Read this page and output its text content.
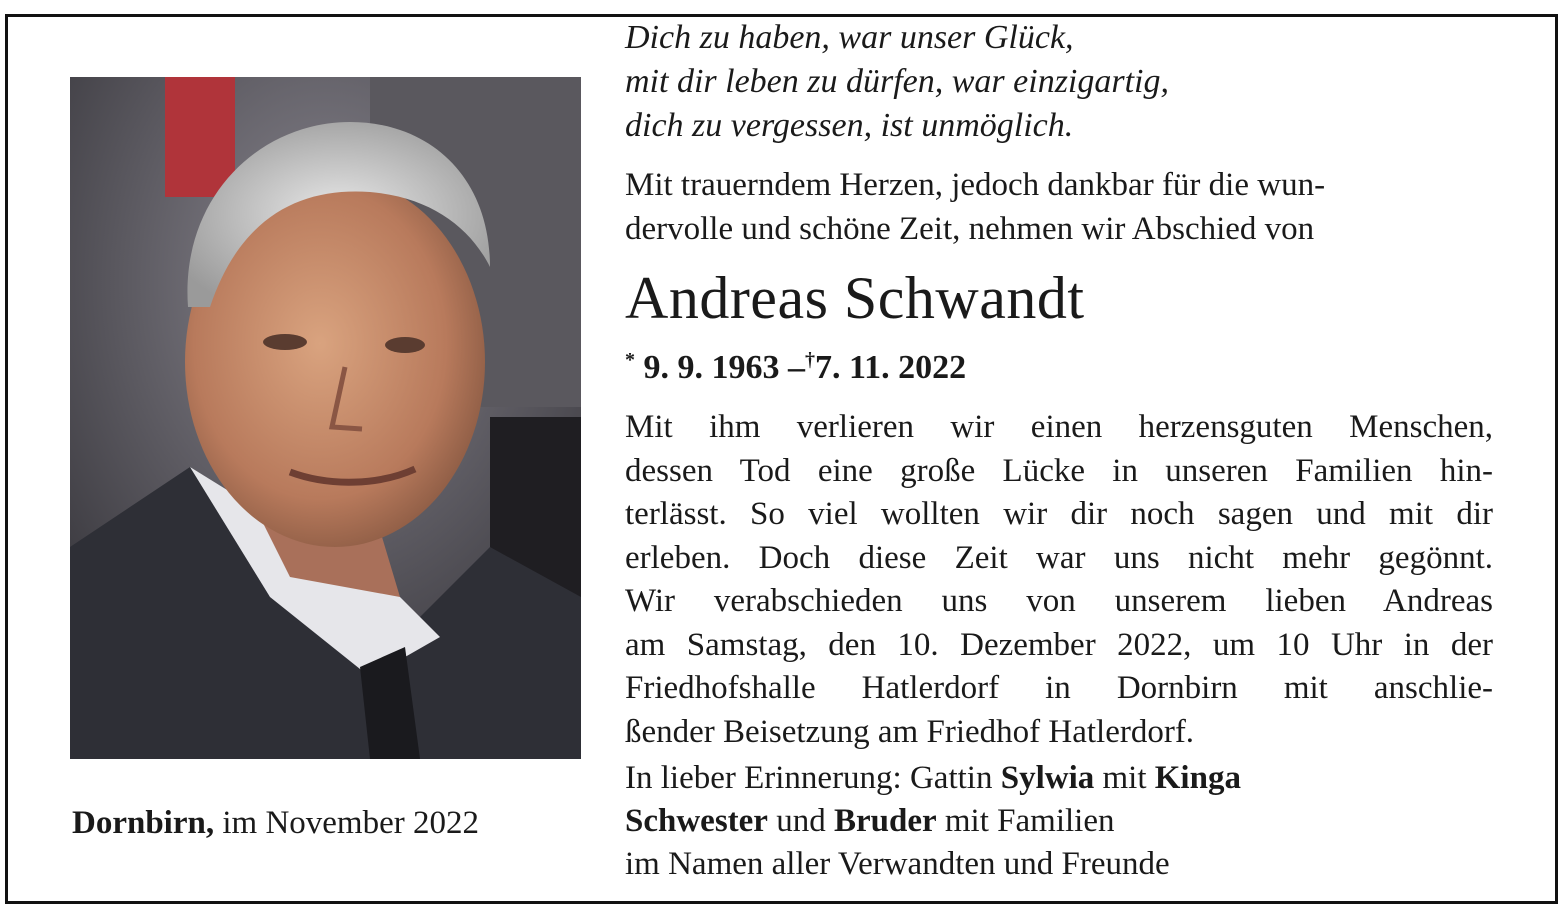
Dornbirn, im November 2022
Dich zu haben, war unser Glück,
mit dir leben zu dürfen, war einzigartig,
dich zu vergessen, ist unmöglich.
Mit trauerndem Herzen, jedoch dankbar für die wun-
dervolle und schöne Zeit, nehmen wir Abschied von
Andreas Schwandt
* 9. 9. 1963 –†7. 11. 2022
Mit ihm verlieren wir einen herzensguten Menschen,
dessen Tod eine große Lücke in unseren Familien hin-
terlässt. So viel wollten wir dir noch sagen und mit dir
erleben. Doch diese Zeit war uns nicht mehr gegönnt.
Wir verabschieden uns von unserem lieben Andreas
am Samstag, den 10. Dezember 2022, um 10 Uhr in der
Friedhofshalle Hatlerdorf in Dornbirn mit anschlie-
ßender Beisetzung am Friedhof Hatlerdorf.
In lieber Erinnerung: Gattin Sylwia mit Kinga
Schwester und Bruder mit Familien
im Namen aller Verwandten und Freunde
